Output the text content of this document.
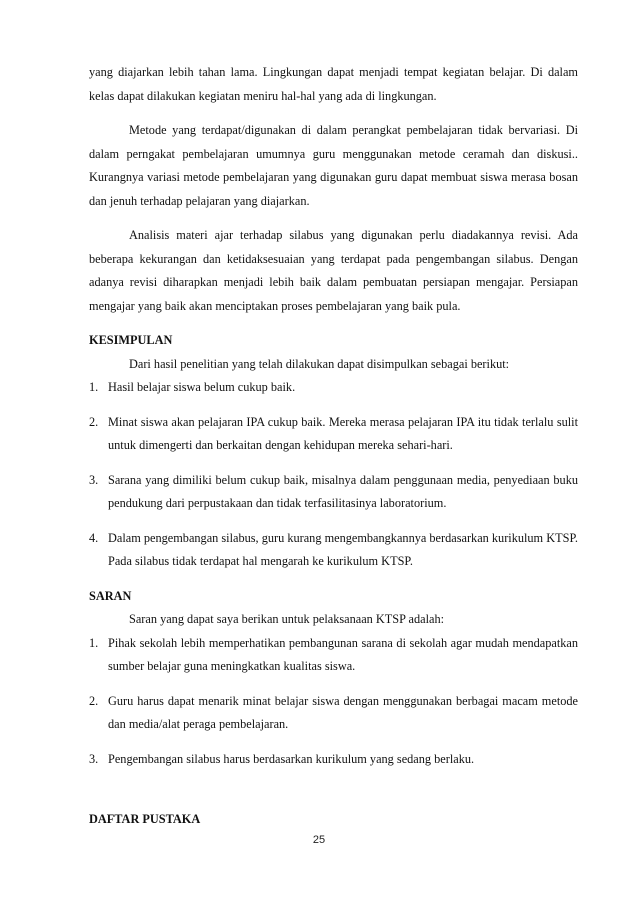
yang diajarkan lebih tahan lama. Lingkungan dapat menjadi tempat kegiatan belajar. Di dalam kelas dapat dilakukan kegiatan meniru hal-hal yang ada di lingkungan.

Metode yang terdapat/digunakan di dalam perangkat pembelajaran tidak bervariasi. Di dalam perngakat pembelajaran umumnya guru menggunakan metode ceramah dan diskusi.. Kurangnya variasi metode pembelajaran yang digunakan guru dapat membuat siswa merasa bosan dan jenuh terhadap pelajaran yang diajarkan.

Analisis materi ajar terhadap silabus yang digunakan perlu diadakannya revisi. Ada beberapa kekurangan dan ketidaksesuaian yang terdapat pada pengembangan silabus. Dengan adanya revisi diharapkan menjadi lebih baik dalam pembuatan persiapan mengajar. Persiapan mengajar yang baik akan menciptakan proses pembelajaran yang baik pula.

KESIMPULAN

Dari hasil penelitian yang telah dilakukan dapat disimpulkan sebagai berikut:

1. Hasil belajar siswa belum cukup baik.
2. Minat siswa akan pelajaran IPA cukup baik. Mereka merasa pelajaran IPA itu tidak terlalu sulit untuk dimengerti dan berkaitan dengan kehidupan mereka sehari-hari.
3. Sarana yang dimiliki belum cukup baik, misalnya dalam penggunaan media, penyediaan buku pendukung dari perpustakaan dan tidak terfasilitasinya laboratorium.
4. Dalam pengembangan silabus, guru kurang mengembangkannya berdasarkan kurikulum KTSP. Pada silabus tidak terdapat hal mengarah ke kurikulum KTSP.

SARAN

Saran yang dapat saya berikan untuk pelaksanaan KTSP adalah:

1. Pihak sekolah lebih memperhatikan pembangunan sarana di sekolah agar mudah mendapatkan sumber belajar guna meningkatkan kualitas siswa.
2. Guru harus dapat menarik minat belajar siswa dengan menggunakan berbagai macam metode dan media/alat peraga pembelajaran.
3. Pengembangan silabus harus berdasarkan kurikulum yang sedang berlaku.

DAFTAR PUSTAKA

25
